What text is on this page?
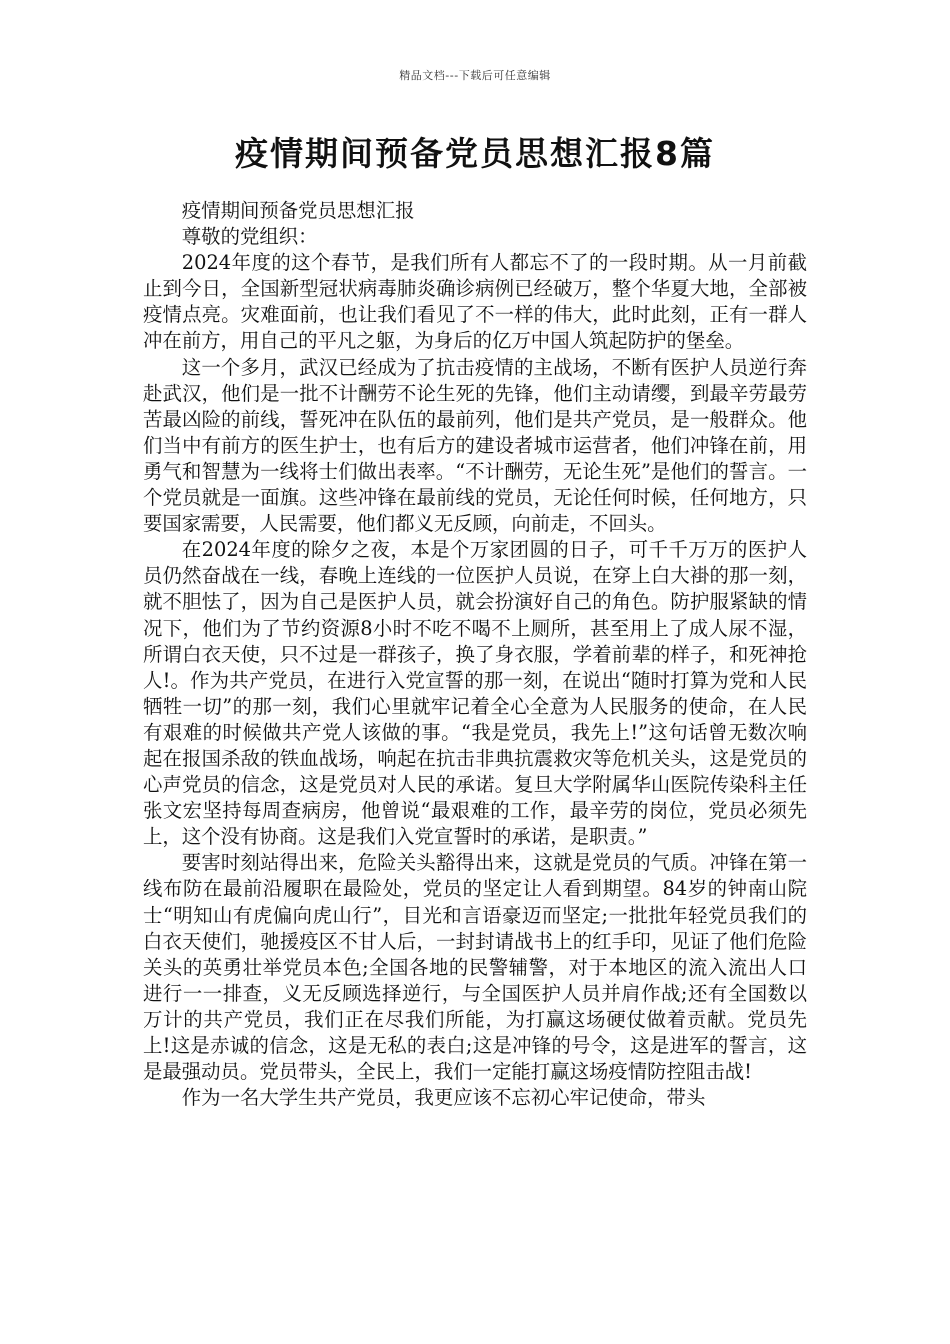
精品文档---下载后可任意编辑
疫情期间预备党员思想汇报8篇

疫情期间预备党员思想汇报

尊敬的党组织：

2024年度的这个春节，是我们所有人都忘不了的一段时期。从一月前截止到今日，全国新型冠状病毒肺炎确诊病例已经破万，整个华夏大地，全部被疫情点亮。灾难面前，也让我们看见了不一样的伟大，此时此刻，正有一群人冲在前方，用自己的平凡之躯，为身后的亿万中国人筑起防护的堡垒。

这一个多月，武汉已经成为了抗击疫情的主战场，不断有医护人员逆行奔赴武汉，他们是一批不计酬劳不论生死的先锋，他们主动请缨，到最辛劳最劳苦最凶险的前线，誓死冲在队伍的最前列，他们是共产党员，是一般群众。他们当中有前方的医生护士，也有后方的建设者城市运营者，他们冲锋在前，用勇气和智慧为一线将士们做出表率。“不计酬劳，无论生死”是他们的誓言。一个党员就是一面旗。这些冲锋在最前线的党员，无论任何时候，任何地方，只要国家需要，人民需要，他们都义无反顾，向前走，不回头。

在2024年度的除夕之夜，本是个万家团圆的日子，可千千万万的医护人员仍然奋战在一线，春晚上连线的一位医护人员说，在穿上白大褂的那一刻，就不胆怯了，因为自己是医护人员，就会扮演好自己的角色。防护服紧缺的情况下，他们为了节约资源8小时不吃不喝不上厕所，甚至用上了成人尿不湿，所谓白衣天使，只不过是一群孩子，换了身衣服，学着前辈的样子，和死神抢人!。作为共产党员，在进行入党宣誓的那一刻，在说出“随时打算为党和人民牺牲一切”的那一刻，我们心里就牢记着全心全意为人民服务的使命，在人民有艰难的时候做共产党人该做的事。“我是党员，我先上!”这句话曾无数次响起在报国杀敌的铁血战场，响起在抗击非典抗震救灾等危机关头，这是党员的心声党员的信念，这是党员对人民的承诺。复旦大学附属华山医院传染科主任张文宏坚持每周查病房，他曾说“最艰难的工作，最辛劳的岗位，党员必须先上，这个没有协商。这是我们入党宣誓时的承诺，是职责。”

要害时刻站得出来，危险关头豁得出来，这就是党员的气质。冲锋在第一线布防在最前沿履职在最险处，党员的坚定让人看到期望。84岁的钟南山院士“明知山有虎偏向虎山行”，目光和言语豪迈而坚定;一批批年轻党员我们的白衣天使们，驰援疫区不甘人后，一封封请战书上的红手印，见证了他们危险关头的英勇壮举党员本色;全国各地的民警辅警，对于本地区的流入流出人口进行一一排查，义无反顾选择逆行，与全国医护人员并肩作战;还有全国数以万计的共产党员，我们正在尽我们所能，为打赢这场硬仗做着贡献。党员先上!这是赤诚的信念，这是无私的表白;这是冲锋的号令，这是进军的誓言，这是最强动员。党员带头，全民上，我们一定能打赢这场疫情防控阻击战!

作为一名大学生共产党员，我更应该不忘初心牢记使命，带头
